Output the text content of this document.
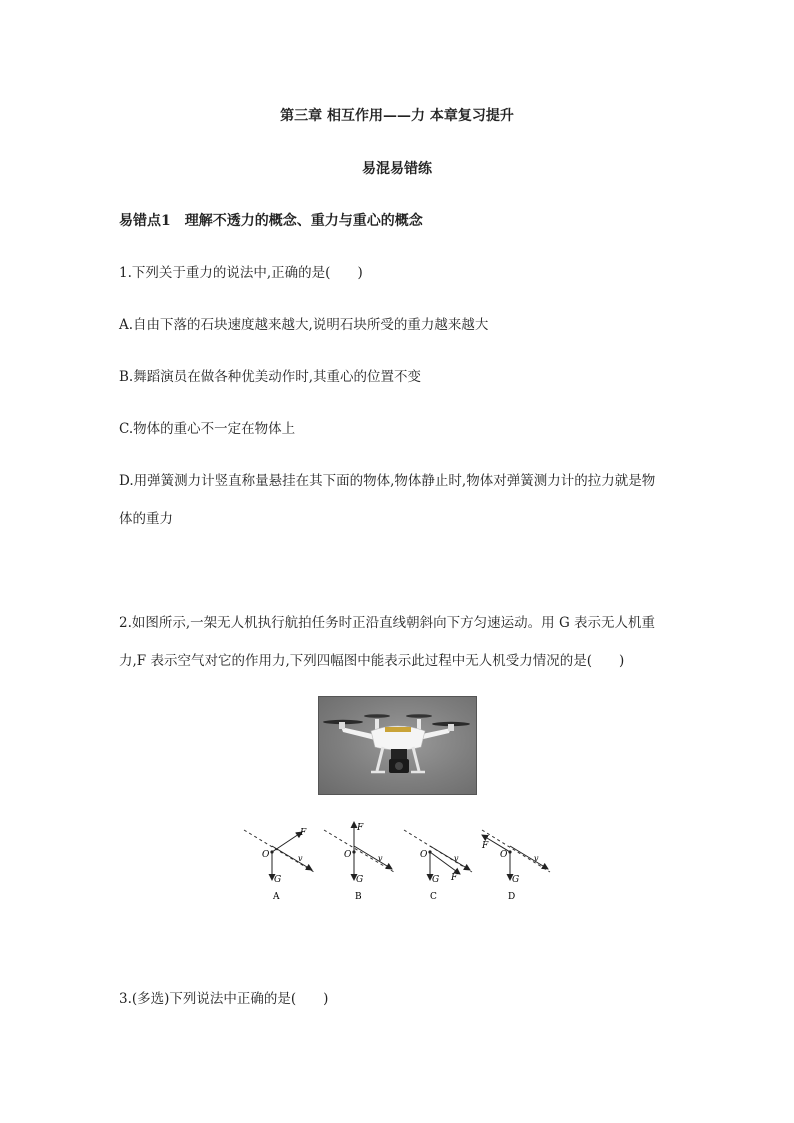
第三章 相互作用——力 本章复习提升
易混易错练
易错点1　理解不透力的概念、重力与重心的概念
1.下列关于重力的说法中,正确的是(　　)
A.自由下落的石块速度越来越大,说明石块所受的重力越来越大
B.舞蹈演员在做各种优美动作时,其重心的位置不变
C.物体的重心不一定在物体上
D.用弹簧测力计竖直称量悬挂在其下面的物体,物体静止时,物体对弹簧测力计的拉力就是物
体的重力
2.如图所示,一架无人机执行航拍任务时正沿直线朝斜向下方匀速运动。用 G 表示无人机重
力,F 表示空气对它的作用力,下列四幅图中能表示此过程中无人机受力情况的是(　　)
O	v
F
G
A
O	v
F
G
B
O	v
F
G
C
O	v
F
G
D
3.(多选)下列说法中正确的是(　　)
